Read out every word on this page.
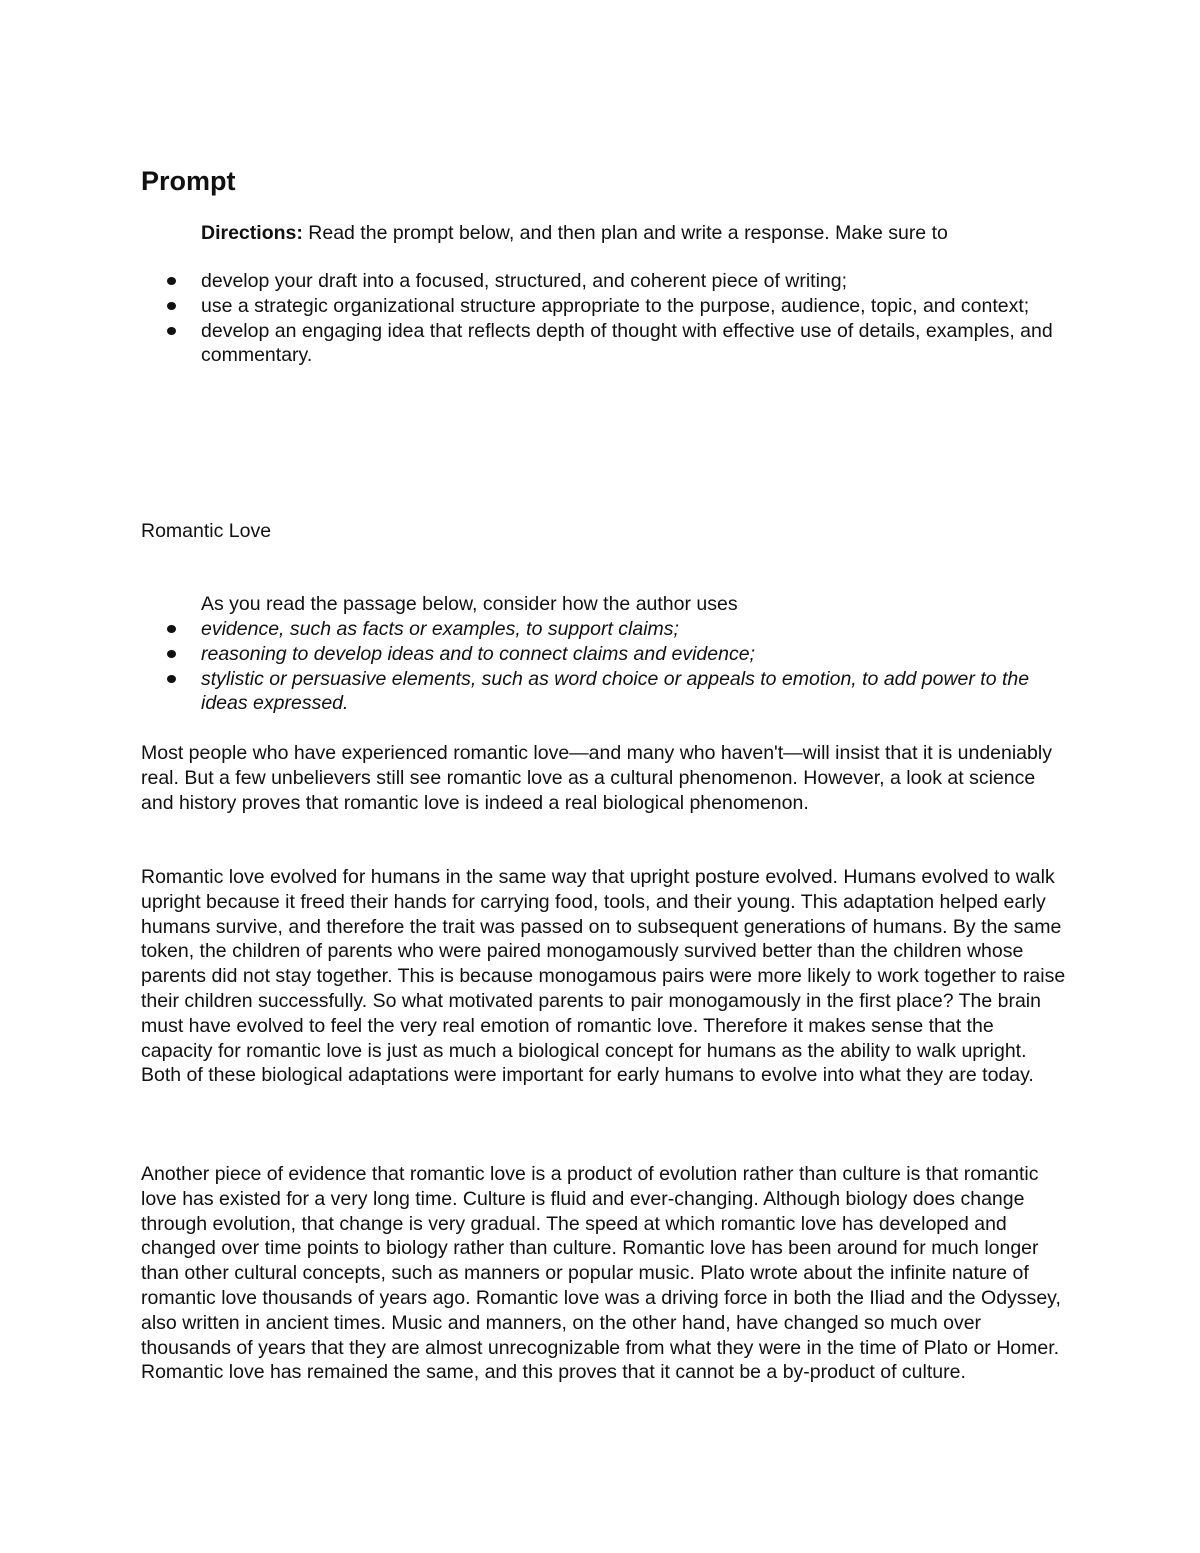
Prompt

Directions: Read the prompt below, and then plan and write a response. Make sure to

develop your draft into a focused, structured, and coherent piece of writing;
use a strategic organizational structure appropriate to the purpose, audience, topic, and context;
develop an engaging idea that reflects depth of thought with effective use of details, examples, and commentary.

Romantic Love

As you read the passage below, consider how the author uses

evidence, such as facts or examples, to support claims;
reasoning to develop ideas and to connect claims and evidence;
stylistic or persuasive elements, such as word choice or appeals to emotion, to add power to the ideas expressed.

Most people who have experienced romantic love—and many who haven't—will insist that it is undeniably real. But a few unbelievers still see romantic love as a cultural phenomenon. However, a look at science and history proves that romantic love is indeed a real biological phenomenon.

Romantic love evolved for humans in the same way that upright posture evolved. Humans evolved to walk upright because it freed their hands for carrying food, tools, and their young. This adaptation helped early humans survive, and therefore the trait was passed on to subsequent generations of humans. By the same token, the children of parents who were paired monogamously survived better than the children whose parents did not stay together. This is because monogamous pairs were more likely to work together to raise their children successfully. So what motivated parents to pair monogamously in the first place? The brain must have evolved to feel the very real emotion of romantic love. Therefore it makes sense that the capacity for romantic love is just as much a biological concept for humans as the ability to walk upright. Both of these biological adaptations were important for early humans to evolve into what they are today.

Another piece of evidence that romantic love is a product of evolution rather than culture is that romantic love has existed for a very long time. Culture is fluid and ever-changing. Although biology does change through evolution, that change is very gradual. The speed at which romantic love has developed and changed over time points to biology rather than culture. Romantic love has been around for much longer than other cultural concepts, such as manners or popular music. Plato wrote about the infinite nature of romantic love thousands of years ago. Romantic love was a driving force in both the Iliad and the Odyssey, also written in ancient times. Music and manners, on the other hand, have changed so much over thousands of years that they are almost unrecognizable from what they were in the time of Plato or Homer. Romantic love has remained the same, and this proves that it cannot be a by-product of culture.
